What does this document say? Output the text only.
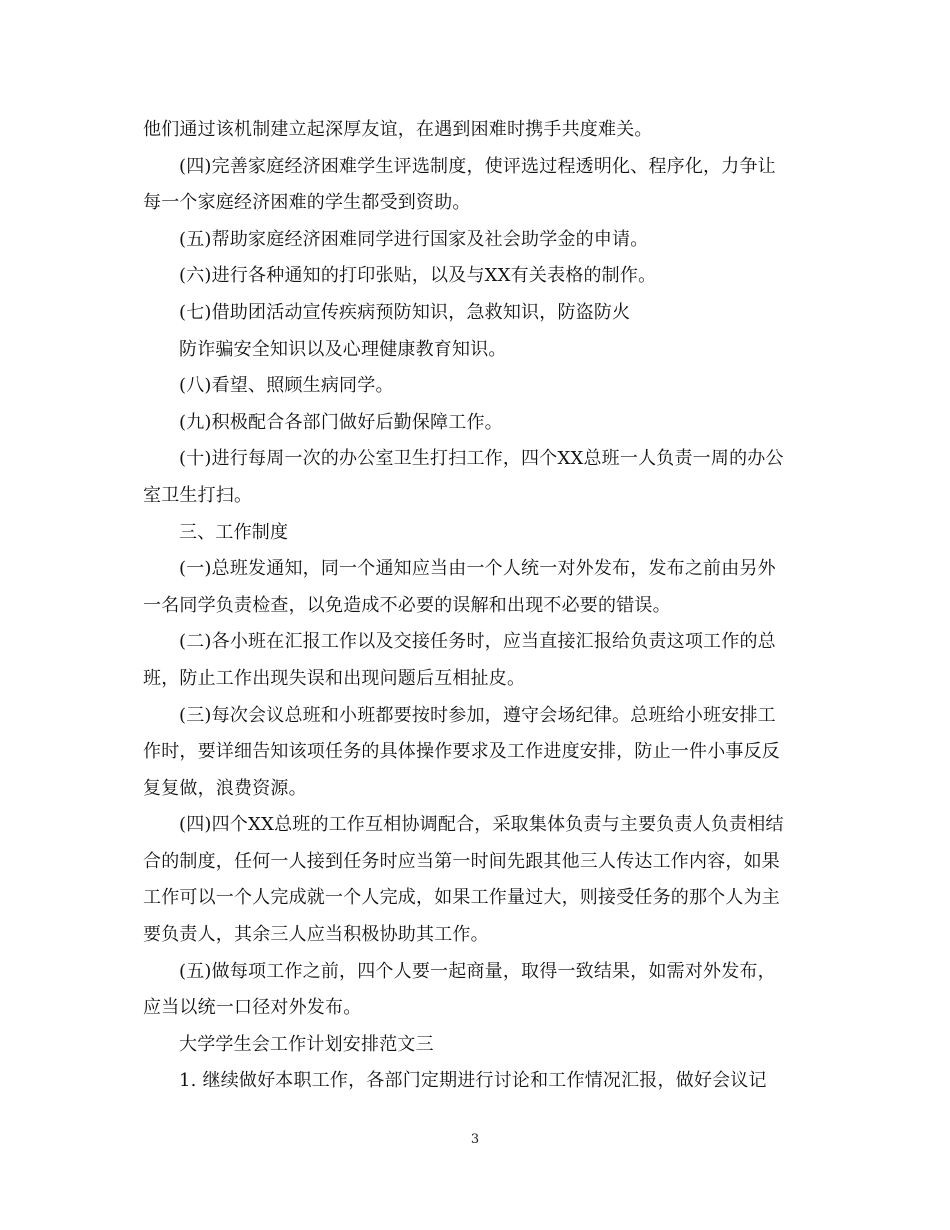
他们通过该机制建立起深厚友谊，在遇到困难时携手共度难关。
(四)完善家庭经济困难学生评选制度，使评选过程透明化、程序化，力争让
每一个家庭经济困难的学生都受到资助。
(五)帮助家庭经济困难同学进行国家及社会助学金的申请。
(六)进行各种通知的打印张贴，以及与XX有关表格的制作。
(七)借助团活动宣传疾病预防知识，急救知识，防盗防火
防诈骗安全知识以及心理健康教育知识。
(八)看望、照顾生病同学。
(九)积极配合各部门做好后勤保障工作。
(十)进行每周一次的办公室卫生打扫工作，四个XX总班一人负责一周的办公
室卫生打扫。
三、工作制度
(一)总班发通知，同一个通知应当由一个人统一对外发布，发布之前由另外
一名同学负责检查，以免造成不必要的误解和出现不必要的错误。
(二)各小班在汇报工作以及交接任务时，应当直接汇报给负责这项工作的总
班，防止工作出现失误和出现问题后互相扯皮。
(三)每次会议总班和小班都要按时参加，遵守会场纪律。总班给小班安排工
作时，要详细告知该项任务的具体操作要求及工作进度安排，防止一件小事反反
复复做，浪费资源。
(四)四个XX总班的工作互相协调配合，采取集体负责与主要负责人负责相结
合的制度，任何一人接到任务时应当第一时间先跟其他三人传达工作内容，如果
工作可以一个人完成就一个人完成，如果工作量过大，则接受任务的那个人为主
要负责人，其余三人应当积极协助其工作。
(五)做每项工作之前，四个人要一起商量，取得一致结果，如需对外发布，
应当以统一口径对外发布。
大学学生会工作计划安排范文三
1. 继续做好本职工作，各部门定期进行讨论和工作情况汇报，做好会议记
3
